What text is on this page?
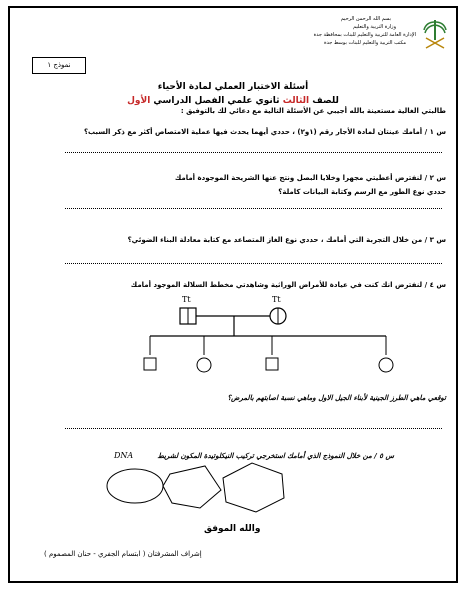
بسم الله الرحمن الرحيم
وزارة التربية والتعليم
الإدارة العامة للتربية والتعليم للبنات بمحافظة جدة
مكتب التربية والتعليم للبنات بوسط جدة
نموذج ١
أسئلة الاختبار العملي لمادة الأحياء
للصف الثالث ثانوي علمي الفصل الدراسي الأول
طالبتي الغالية مستعينة بالله أجيبي عن الأسئلة التالية مع دعائي لك بالتوفيق :
س ١ / أمامك عينتان لمادة الأجار رقم (١و٢) ، حددي أيهما يحدث فيها عملية الامتصاص أكثر مع ذكر السبب؟
س ٢ / لنفترض أعطيتي مجهرا وخلايا البصل ونتج عنها الشريحة الموجودة أمامك
حددي نوع الطور مع الرسم وكتابة البيانات كاملة؟
س ٣ / من خلال التجربة التي أمامك ، حددي نوع الغاز المتصاعد مع كتابة معادلة البناء الضوئي؟
س ٤ / لنفترض انك كنت في عيادة للأمراض الوراثية وشاهدتي مخطط السلالة الموجود أمامك
Tt	Tt
توقعي ماهي الطرز الجينية لأبناء الجيل الاول وماهي نسبة اصابتهم بالمرض؟
س ٥ / من خلال النموذج الذي أمامك استخرجي تركيب النيكلوتيدة المكون لشريط
DNA
والله الموفق
إشراف المشرفتان ( ابتسام الجفري - حنان المصموم )
